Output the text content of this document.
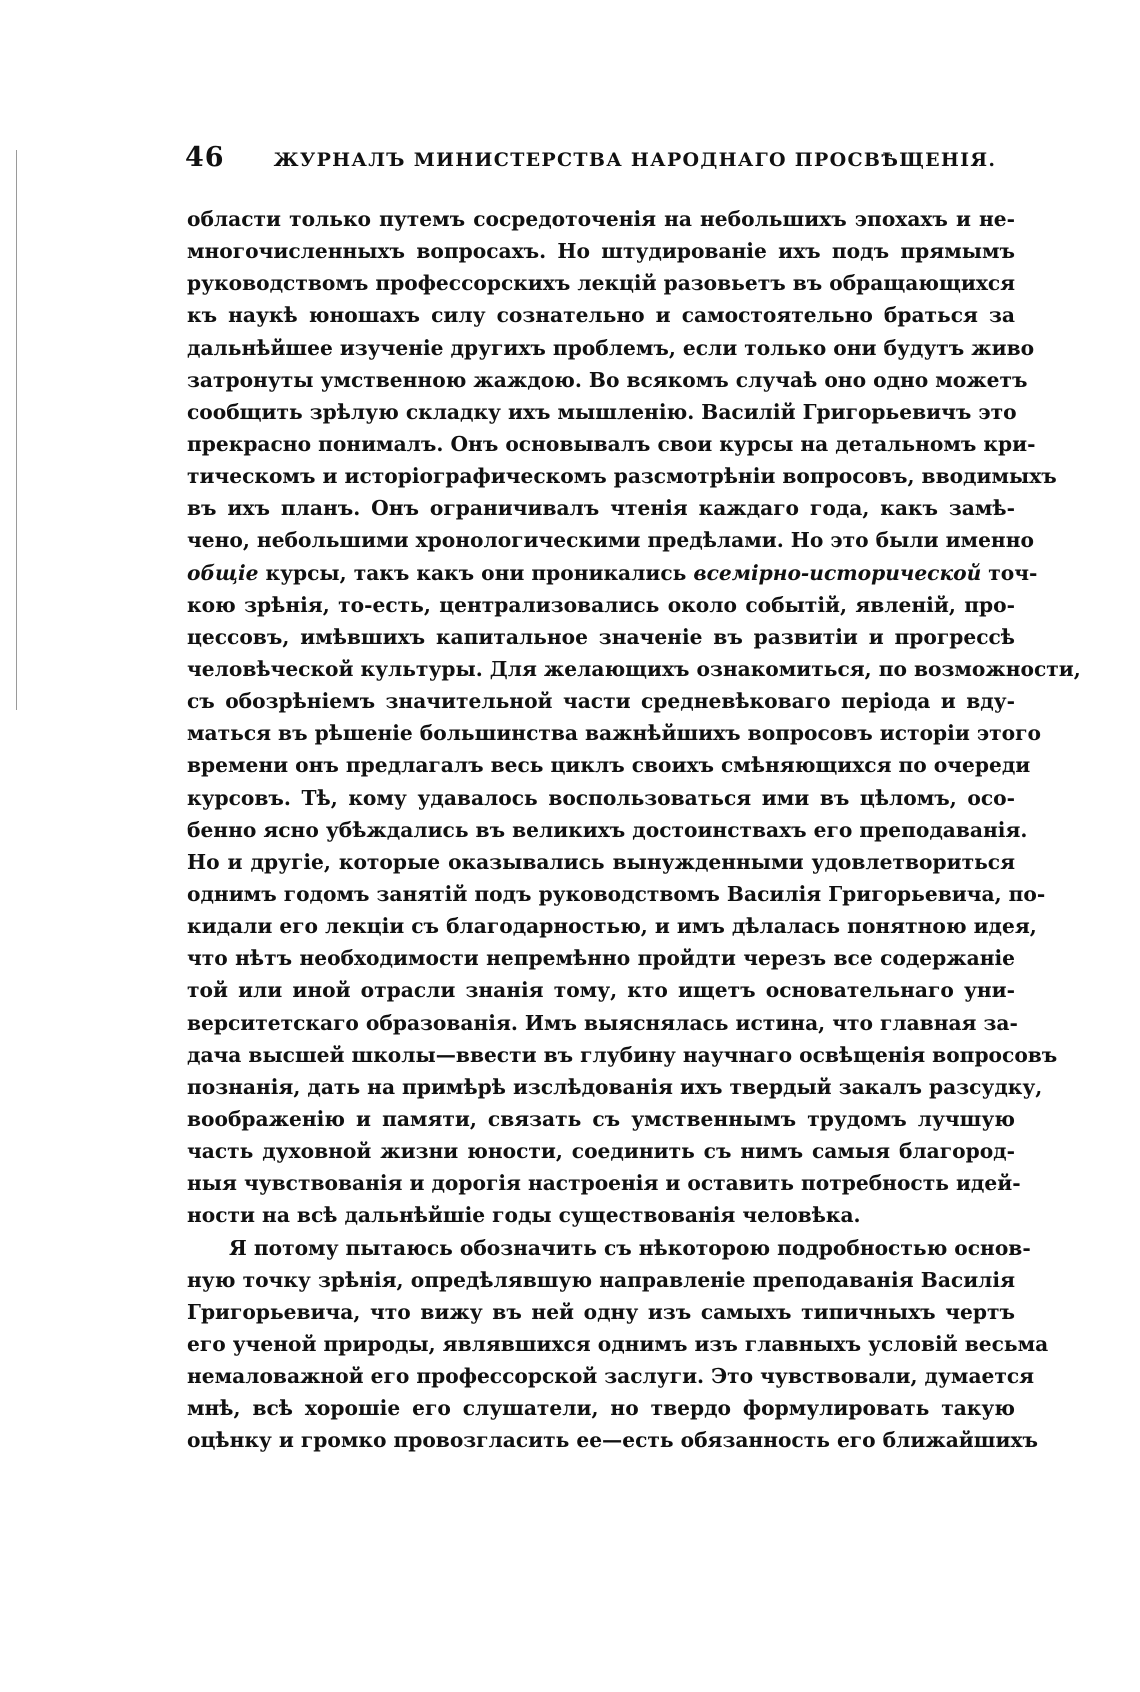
46	ЖУРНАЛЪ МИНИСТЕРСТВА НАРОДНАГО ПРОСВѢЩЕНІЯ.
области только путемъ сосредоточенія на небольшихъ эпохахъ и не-
многочисленныхъ вопросахъ. Но штудированіе ихъ подъ прямымъ
руководствомъ профессорскихъ лекцій разовьетъ въ обращающихся
къ наукѣ юношахъ силу сознательно и самостоятельно браться за
дальнѣйшее изученіе другихъ проблемъ, если только они будутъ живо
затронуты умственною жаждою. Во всякомъ случаѣ оно одно можетъ
сообщить зрѣлую складку ихъ мышленію. Василій Григорьевичъ это
прекрасно понималъ. Онъ основывалъ свои курсы на детальномъ кри-
тическомъ и исторіографическомъ разсмотрѣніи вопросовъ, вводимыхъ
въ ихъ планъ. Онъ ограничивалъ чтенія каждаго года, какъ замѣ-
чено, небольшими хронологическими предѣлами. Но это были именно
общіе курсы, такъ какъ они проникались всемірно-исторической точ-
кою зрѣнія, то-есть, централизовались около событій, явленій, про-
цессовъ, имѣвшихъ капитальное значеніе въ развитіи и прогрессѣ
человѣческой культуры. Для желающихъ ознакомиться, по возможности,
съ обозрѣніемъ значительной части средневѣковаго періода и вду-
маться въ рѣшеніе большинства важнѣйшихъ вопросовъ исторіи этого
времени онъ предлагалъ весь циклъ своихъ смѣняющихся по очереди
курсовъ. Тѣ, кому удавалось воспользоваться ими въ цѣломъ, осо-
бенно ясно убѣждались въ великихъ достоинствахъ его преподаванія.
Но и другіе, которые оказывались вынужденными удовлетвориться
однимъ годомъ занятій подъ руководствомъ Василія Григорьевича, по-
кидали его лекціи съ благодарностью, и имъ дѣлалась понятною идея,
что нѣтъ необходимости непремѣнно пройдти черезъ все содержаніе
той или иной отрасли знанія тому, кто ищетъ основательнаго уни-
верситетскаго образованія. Имъ выяснялась истина, что главная за-
дача высшей школы—ввести въ глубину научнаго освѣщенія вопросовъ
познанія, дать на примѣрѣ изслѣдованія ихъ твердый закалъ разсудку,
воображенію и памяти, связать съ умственнымъ трудомъ лучшую
часть духовной жизни юности, соединить съ нимъ самыя благород-
ныя чувствованія и дорогія настроенія и оставить потребность идей-
ности на всѣ дальнѣйшіе годы существованія человѣка.
Я потому пытаюсь обозначить съ нѣкоторою подробностью основ-
ную точку зрѣнія, опредѣлявшую направленіе преподаванія Василія
Григорьевича, что вижу въ ней одну изъ самыхъ типичныхъ чертъ
его ученой природы, являвшихся однимъ изъ главныхъ условій весьма
немаловажной его профессорской заслуги. Это чувствовали, думается
мнѣ, всѣ хорошіе его слушатели, но твердо формулировать такую
оцѣнку и громко провозгласить ее—есть обязанность его ближайшихъ
